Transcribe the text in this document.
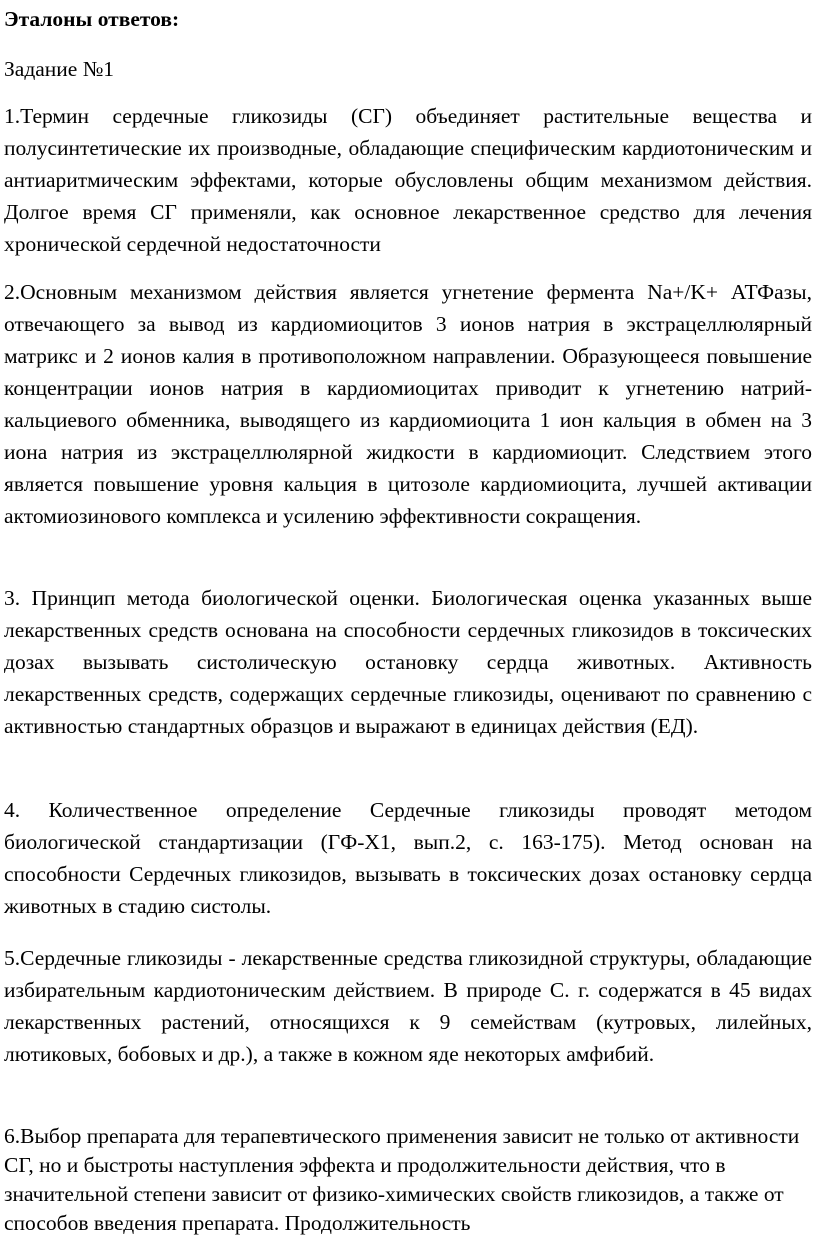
Эталоны ответов:

Задание №1

1.Термин сердечные гликозиды (СГ) объединяет растительные вещества и полусинтетические их производные, обладающие специфическим кардиотоническим и антиаритмическим эффектами, которые обусловлены общим механизмом действия. Долгое время СГ применяли, как основное лекарственное средство для лечения хронической сердечной недостаточности

2.Основным механизмом действия является угнетение фермента Na+/K+ АТФазы, отвечающего за вывод из кардиомиоцитов 3 ионов натрия в экстрацеллюлярный матрикс и 2 ионов калия в противоположном направлении. Образующееся повышение концентрации ионов натрия в кардиомиоцитах приводит к угнетению натрий-кальциевого обменника, выводящего из кардиомиоцита 1 ион кальция в обмен на 3 иона натрия из экстрацеллюлярной жидкости в кардиомиоцит. Следствием этого является повышение уровня кальция в цитозоле кардиомиоцита, лучшей активации актомиозинового комплекса и усилению эффективности сокращения.

3. Принцип метода биологической оценки. Биологическая оценка указанных выше лекарственных средств основана на способности сердечных гликозидов в токсических дозах вызывать систолическую остановку сердца животных. Активность лекарственных средств, содержащих сердечные гликозиды, оценивают по сравнению с активностью стандартных образцов и выражают в единицах действия (ЕД).

4. Количественное определение Сердечные гликозиды проводят методом биологической стандартизации (ГФ-Х1, вып.2, с. 163-175). Метод основан на способности Сердечных гликозидов, вызывать в токсических дозах остановку сердца животных в стадию систолы.

5.Сердечные гликозиды - лекарственные средства гликозидной структуры, обладающие избирательным кардиотоническим действием. В природе С. г. содержатся в 45 видах лекарственных растений, относящихся к 9 семействам (кутровых, лилейных, лютиковых, бобовых и др.), а также в кожном яде некоторых амфибий.

6.Выбор препарата для терапевтического применения зависит не только от активности СГ, но и быстроты наступления эффекта и продолжительности действия, что в значительной степени зависит от физико-химических свойств гликозидов, а также от способов введения препарата. Продолжительность
